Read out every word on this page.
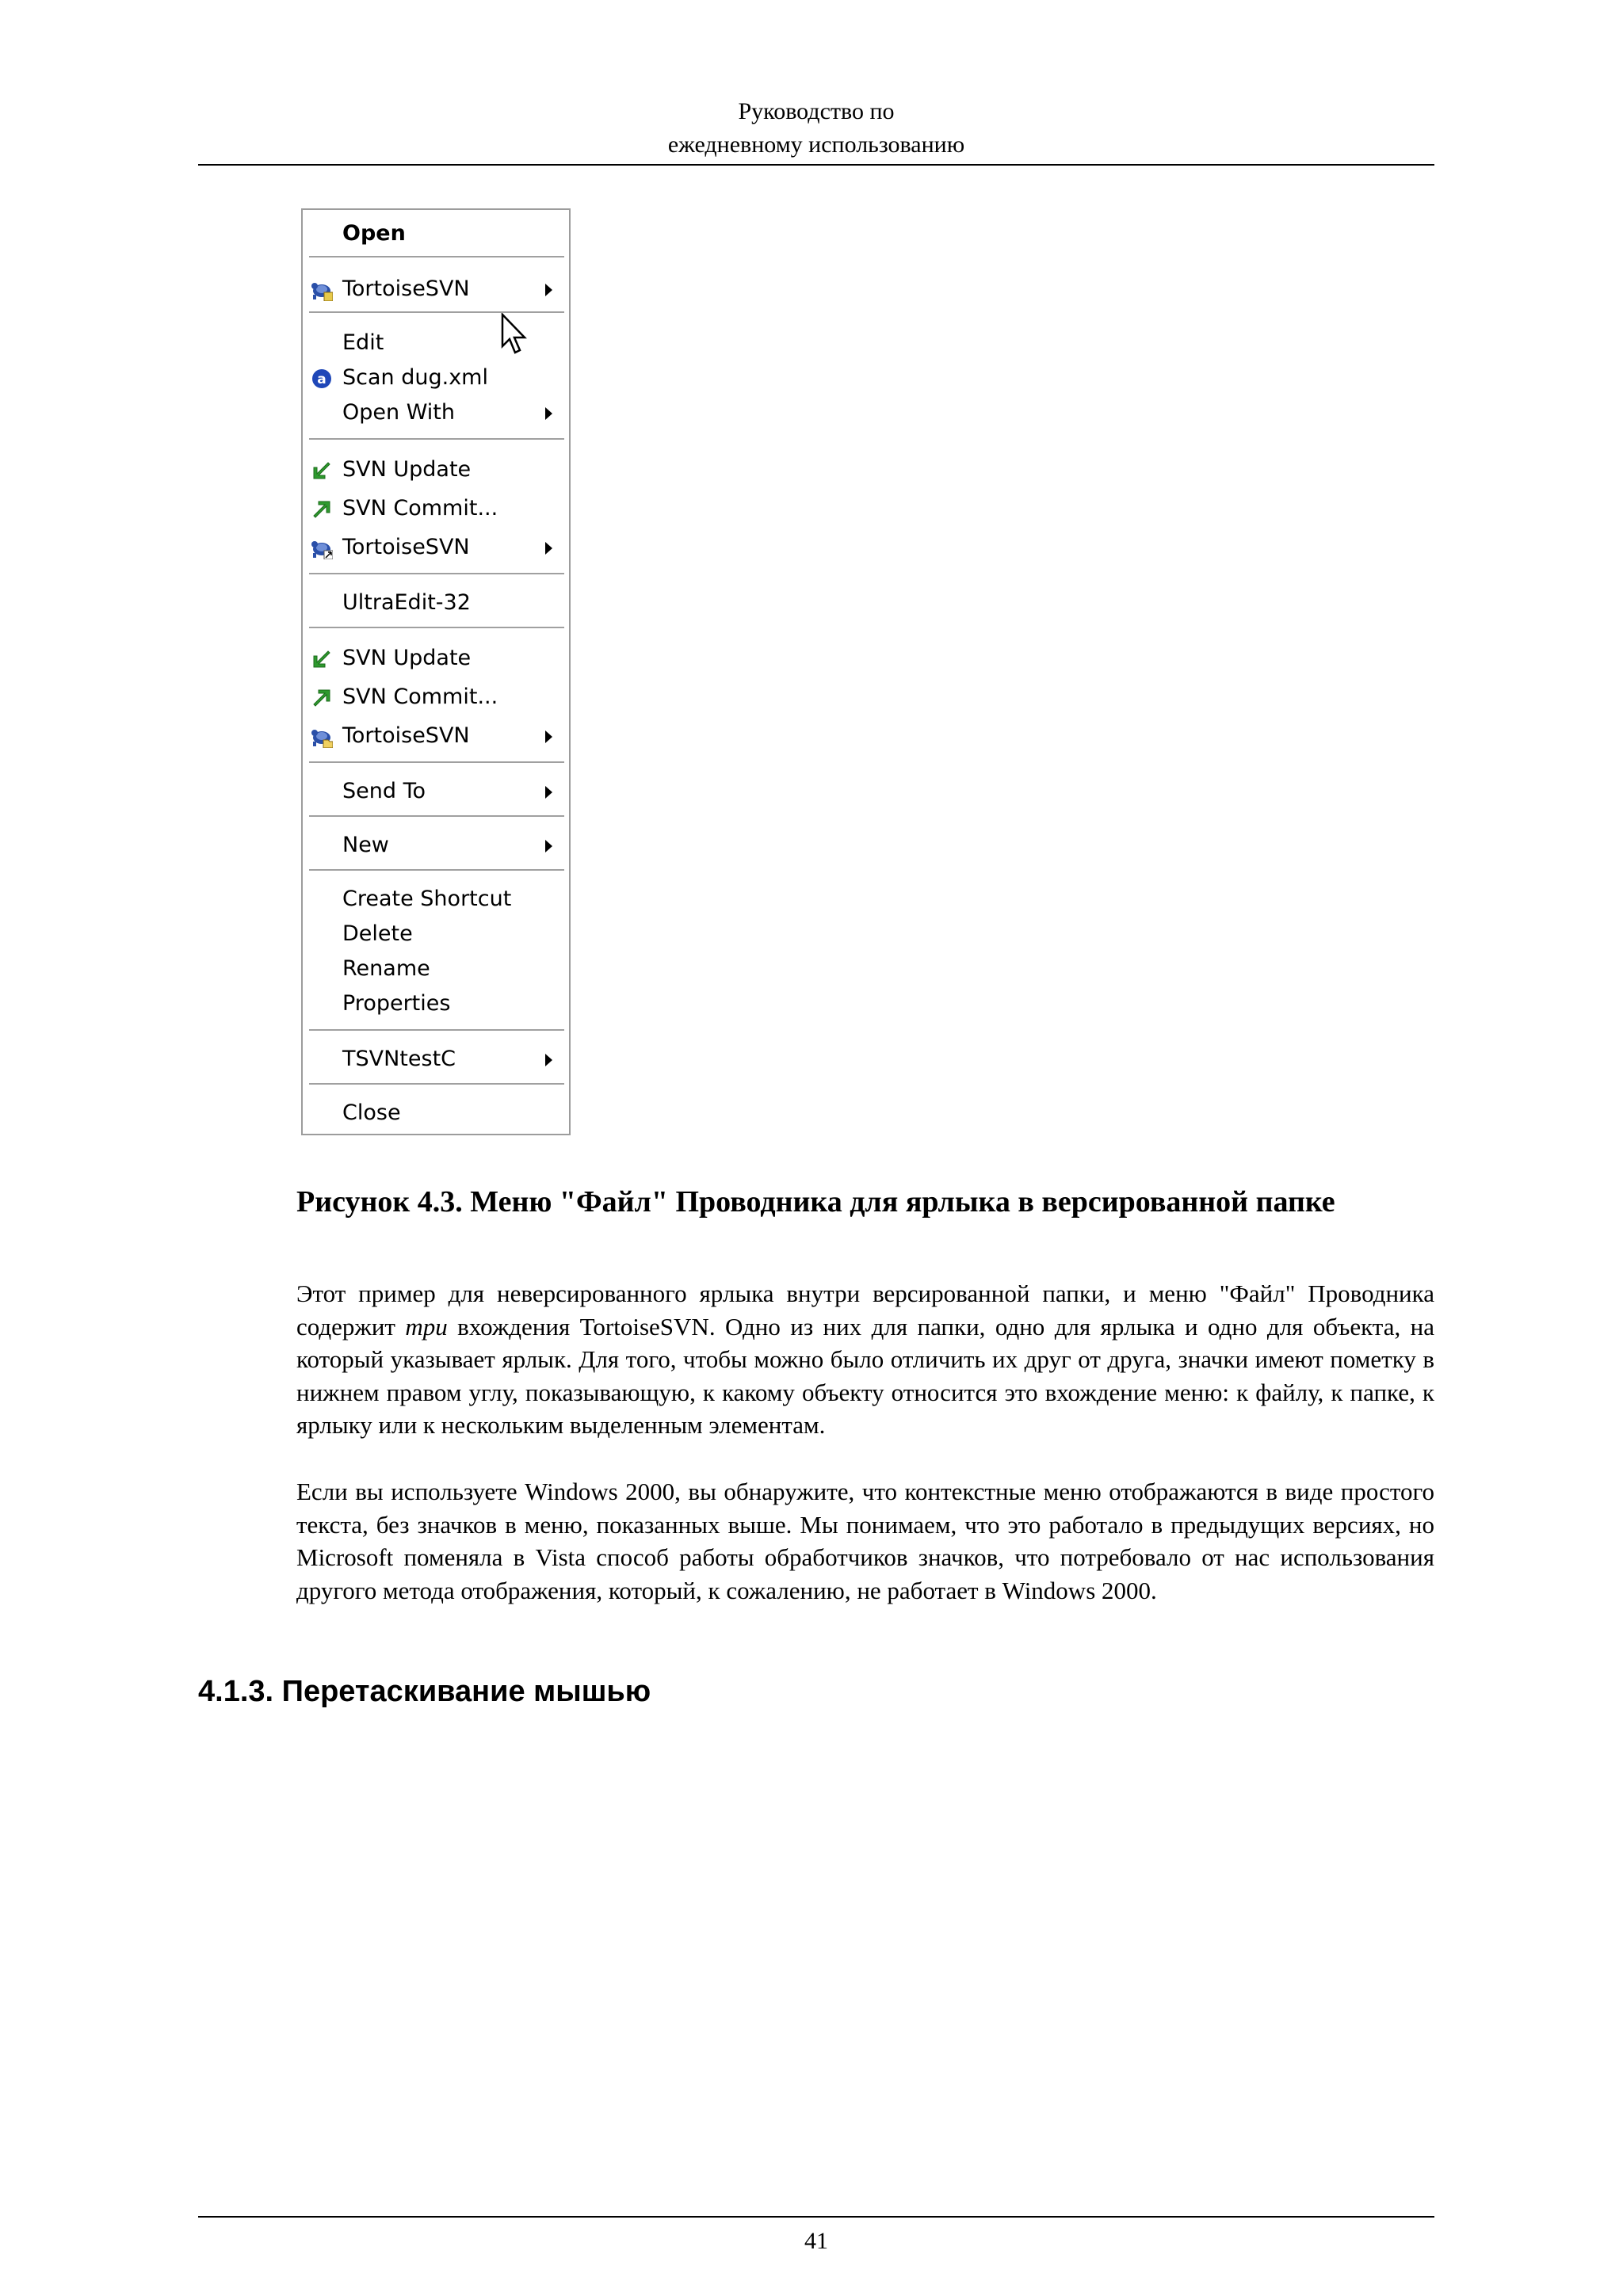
Руководство по
ежедневному использованию
Open
TortoiseSVN
Edit
a Scan dug.xml
Open With
SVN Update
SVN Commit...
TortoiseSVN
UltraEdit-32
SVN Update
SVN Commit...
TortoiseSVN
Send To
New
Create Shortcut
Delete
Rename
Properties
TSVNtestC
Close
Рисунок 4.3. Меню "Файл" Проводника для ярлыка в версированной папке

Этот пример для неверсированного ярлыка внутри версированной папки, и меню "Файл" Проводника содержит три вхождения TortoiseSVN. Одно из них для папки, одно для ярлыка и одно для объекта, на который указывает ярлык. Для того, чтобы можно было отличить их друг от друга, значки имеют пометку в нижнем правом углу, показывающую, к какому объекту относится это вхождение меню: к файлу, к папке, к ярлыку или к нескольким выделенным элементам.

Если вы используете Windows 2000, вы обнаружите, что контекстные меню отображаются в виде простого текста, без значков в меню, показанных выше. Мы понимаем, что это работало в предыдущих версиях, но Microsoft поменяла в Vista способ работы обработчиков значков, что потребовало от нас использования другого метода отображения, который, к сожалению, не работает в Windows 2000.

4.1.3. Перетаскивание мышью
41
